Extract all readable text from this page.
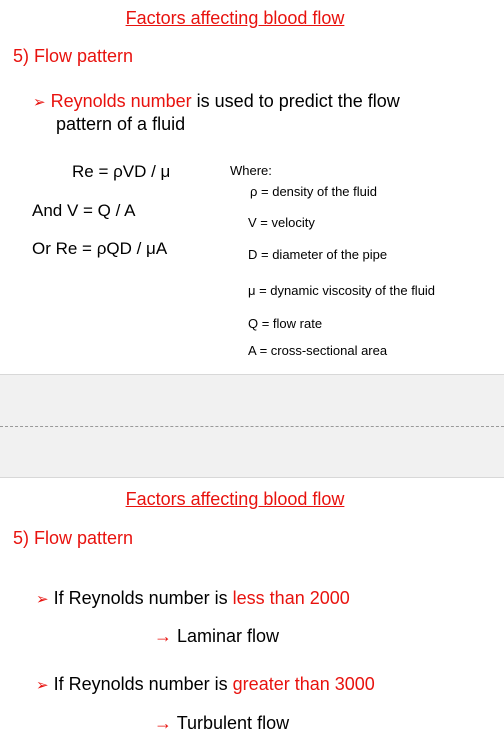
Factors affecting blood flow
5) Flow pattern
➢ Reynolds number is used to predict the flow
pattern of a fluid
Re = ρVD / μ
And V = Q / A
Or Re = ρQD / μA
Where:
ρ = density of the fluid
V = velocity
D = diameter of the pipe
μ = dynamic viscosity of the fluid
Q = flow rate
A = cross-sectional area
Factors affecting blood flow
5) Flow pattern
➢ If Reynolds number is less than 2000
→ Laminar flow
➢ If Reynolds number is greater than 3000
→ Turbulent flow
